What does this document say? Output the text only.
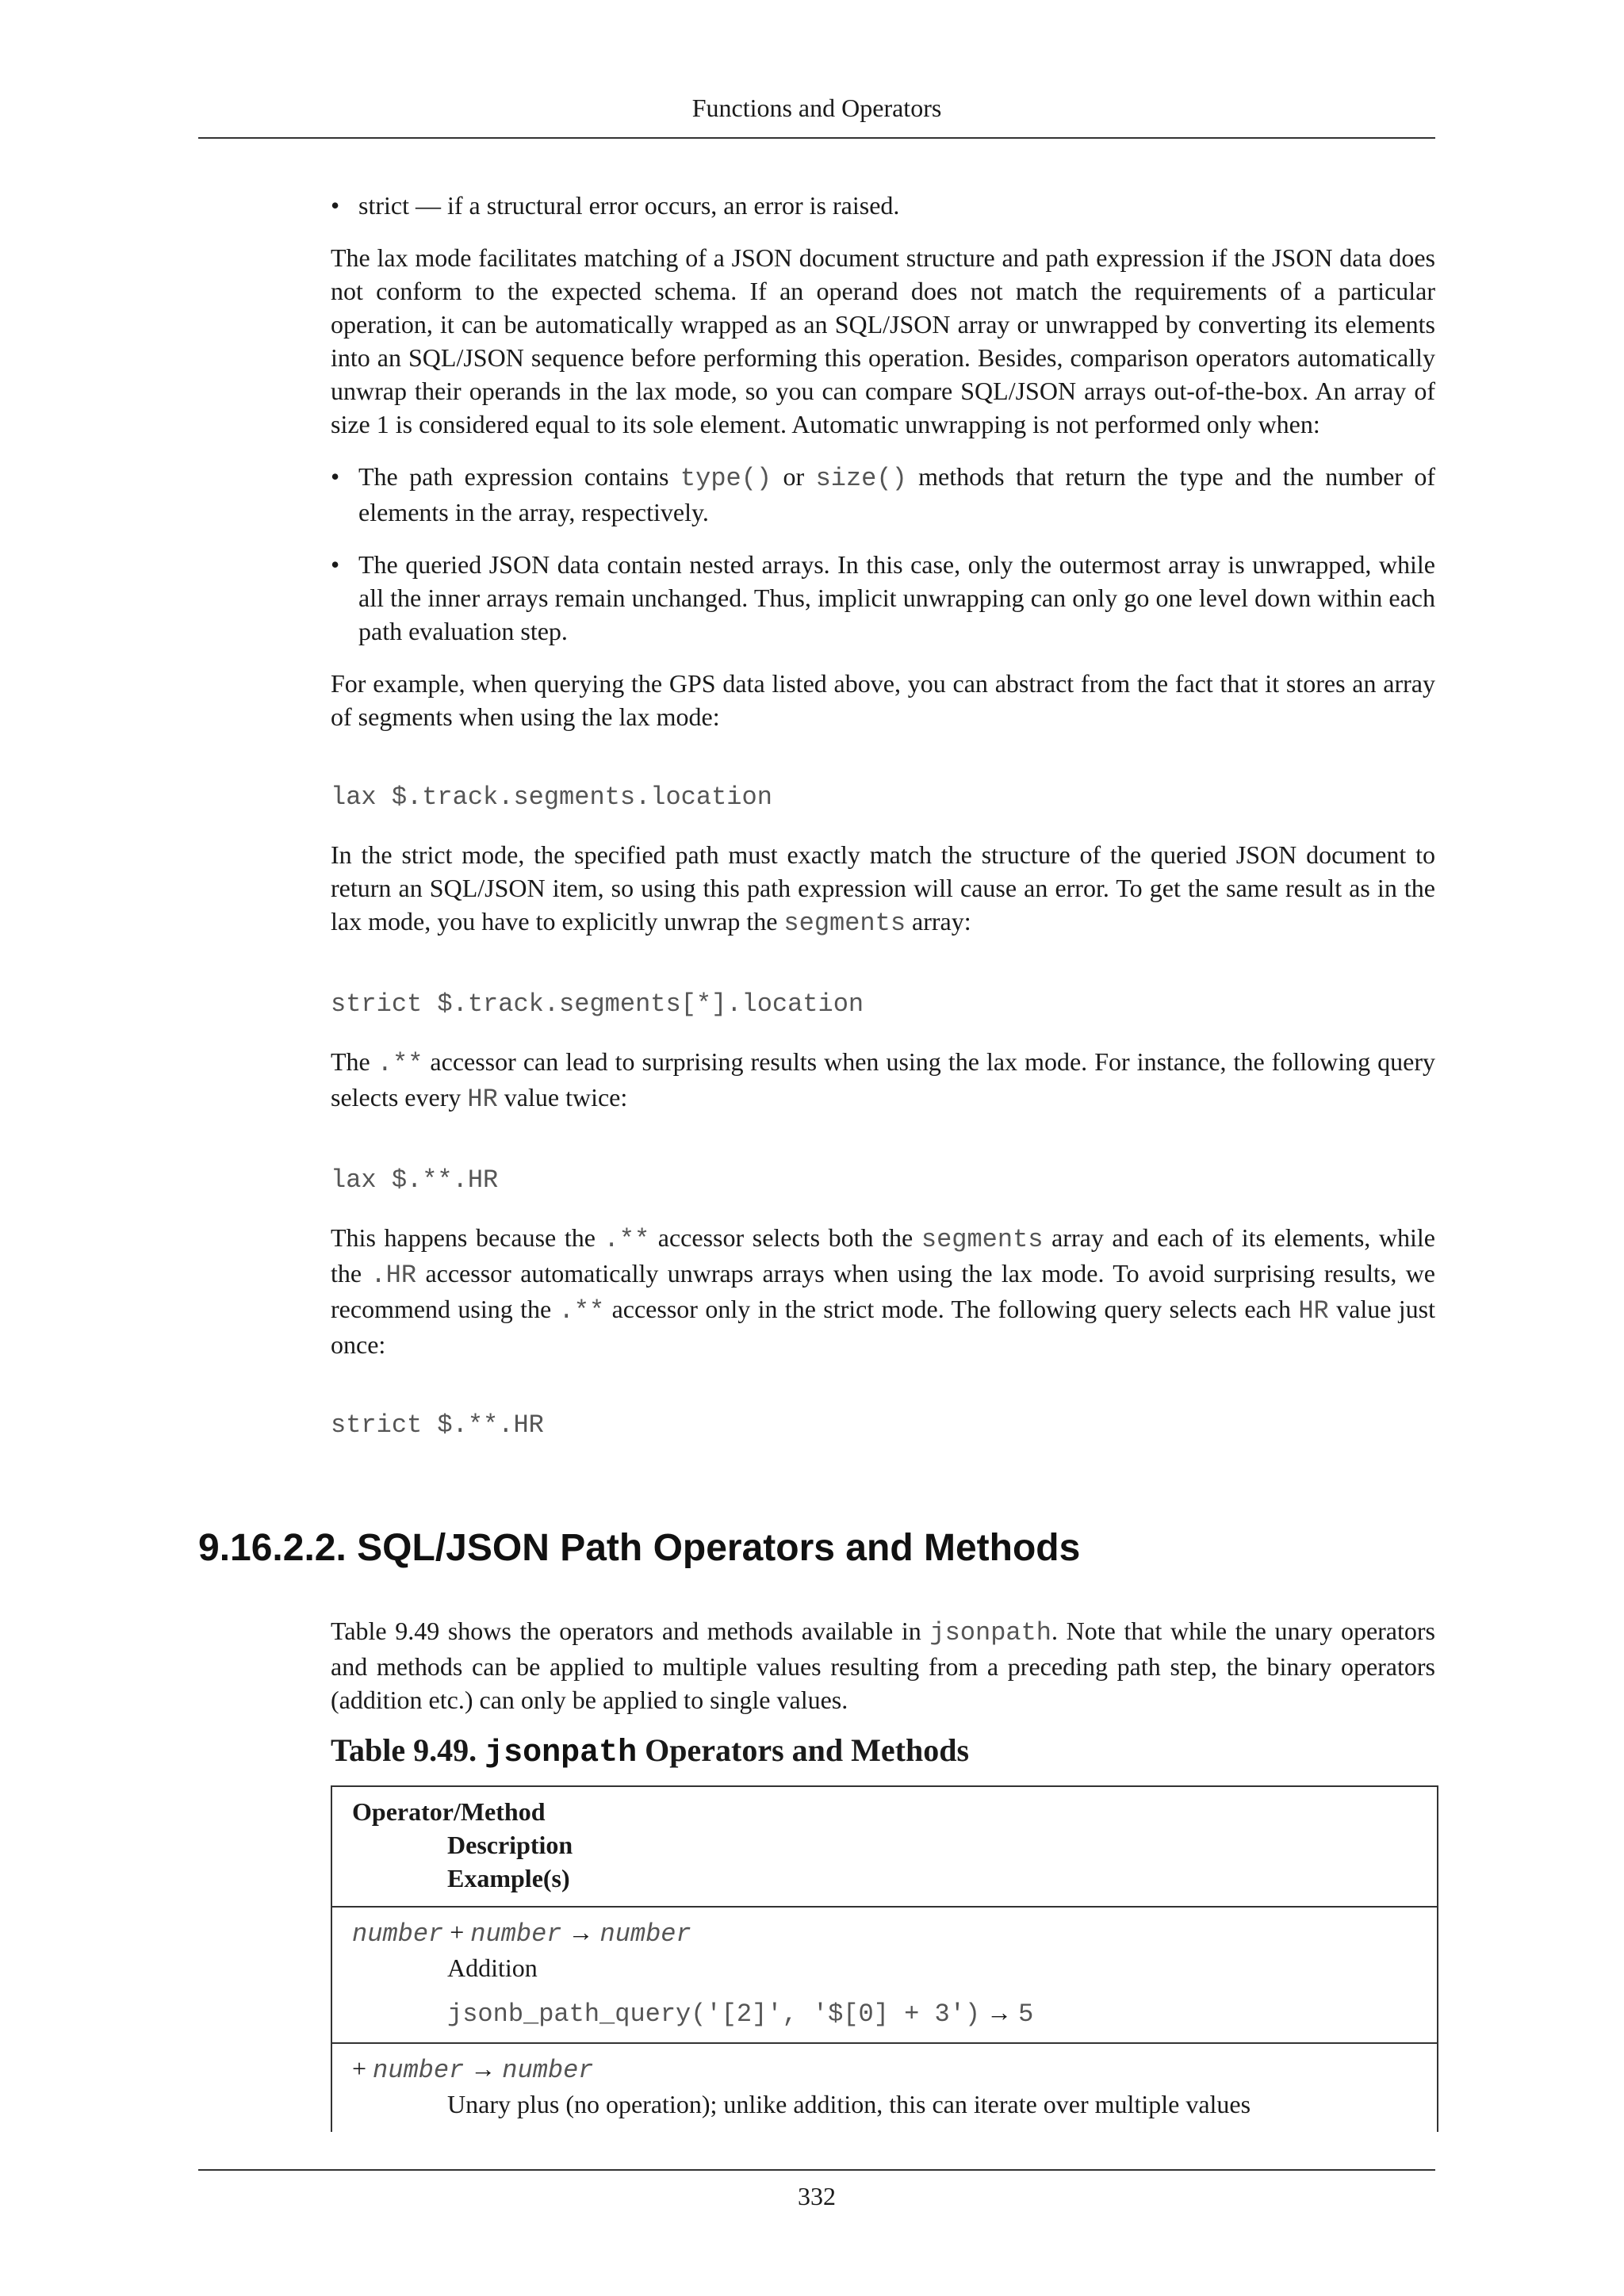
Functions and Operators
• strict — if a structural error occurs, an error is raised.

The lax mode facilitates matching of a JSON document structure and path expression if the JSON data does not conform to the expected schema. If an operand does not match the requirements of a particular operation, it can be automatically wrapped as an SQL/JSON array or unwrapped by converting its elements into an SQL/JSON sequence before performing this operation. Besides, comparison operators automatically unwrap their operands in the lax mode, so you can compare SQL/JSON arrays out-of-the-box. An array of size 1 is considered equal to its sole element. Automatic unwrapping is not performed only when:

• The path expression contains type() or size() methods that return the type and the number of elements in the array, respectively.
• The queried JSON data contain nested arrays. In this case, only the outermost array is unwrapped, while all the inner arrays remain unchanged. Thus, implicit unwrapping can only go one level down within each path evaluation step.

For example, when querying the GPS data listed above, you can abstract from the fact that it stores an array of segments when using the lax mode:

lax $.track.segments.location

In the strict mode, the specified path must exactly match the structure of the queried JSON document to return an SQL/JSON item, so using this path expression will cause an error. To get the same result as in the lax mode, you have to explicitly unwrap the segments array:

strict $.track.segments[*].location

The .** accessor can lead to surprising results when using the lax mode. For instance, the following query selects every HR value twice:

lax $.**.HR

This happens because the .** accessor selects both the segments array and each of its elements, while the .HR accessor automatically unwraps arrays when using the lax mode. To avoid surprising results, we recommend using the .** accessor only in the strict mode. The following query selects each HR value just once:

strict $.**.HR
9.16.2.2. SQL/JSON Path Operators and Methods

Table 9.49 shows the operators and methods available in jsonpath. Note that while the unary operators and methods can be applied to multiple values resulting from a preceding path step, the binary operators (addition etc.) can only be applied to single values.

Table 9.49. jsonpath Operators and Methods
Operator/Method
Description
Example(s)
number + number → number
Addition
jsonb_path_query('[2]', '$[0] + 3') → 5
+ number → number
Unary plus (no operation); unlike addition, this can iterate over multiple values
332
